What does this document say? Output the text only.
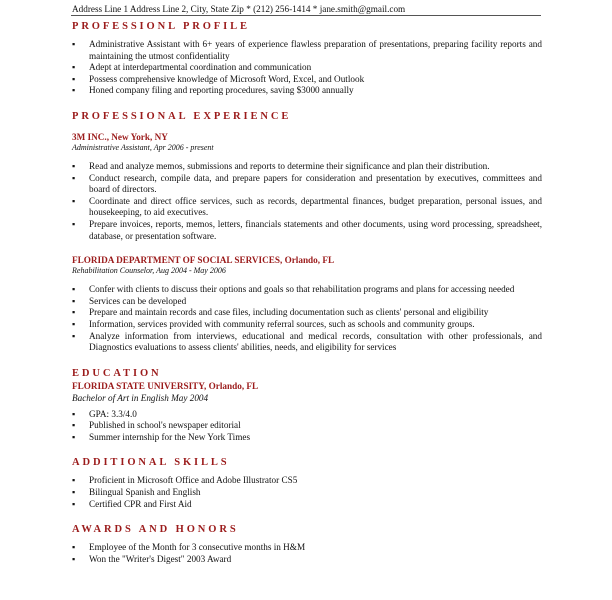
Address Line 1 Address Line 2, City, State Zip * (212) 256-1414 * jane.smith@gmail.com
PROFESSIONL PROFILE
▪ Administrative Assistant with 6+ years of experience flawless preparation of presentations, preparing facility reports and maintaining the utmost confidentiality
▪ Adept at interdepartmental coordination and communication
▪ Possess comprehensive knowledge of Microsoft Word, Excel, and Outlook
▪ Honed company filing and reporting procedures, saving $3000 annually
PROFESSIONAL EXPERIENCE
3M INC., New York, NY
Administrative Assistant, Apr 2006 - present
▪ Read and analyze memos, submissions and reports to determine their significance and plan their distribution.
▪ Conduct research, compile data, and prepare papers for consideration and presentation by executives, committees and board of directors.
▪ Coordinate and direct office services, such as records, departmental finances, budget preparation, personal issues, and housekeeping, to aid executives.
▪ Prepare invoices, reports, memos, letters, financials statements and other documents, using word processing, spreadsheet, database, or presentation software.
FLORIDA DEPARTMENT OF SOCIAL SERVICES, Orlando, FL
Rehabilitation Counselor, Aug 2004 - May 2006
▪ Confer with clients to discuss their options and goals so that rehabilitation programs and plans for accessing needed
▪ Services can be developed
▪ Prepare and maintain records and case files, including documentation such as clients' personal and eligibility
▪ Information, services provided with community referral sources, such as schools and community groups.
▪ Analyze information from interviews, educational and medical records, consultation with other professionals, and Diagnostics evaluations to assess clients' abilities, needs, and eligibility for services
EDUCATION
FLORIDA STATE UNIVERSITY, Orlando, FL
Bachelor of Art in English May 2004
▪ GPA: 3.3/4.0
▪ Published in school's newspaper editorial
▪ Summer internship for the New York Times
ADDITIONAL SKILLS
▪ Proficient in Microsoft Office and Adobe Illustrator CS5
▪ Bilingual Spanish and English
▪ Certified CPR and First Aid
AWARDS AND HONORS
▪ Employee of the Month for 3 consecutive months in H&M
▪ Won the "Writer's Digest" 2003 Award
